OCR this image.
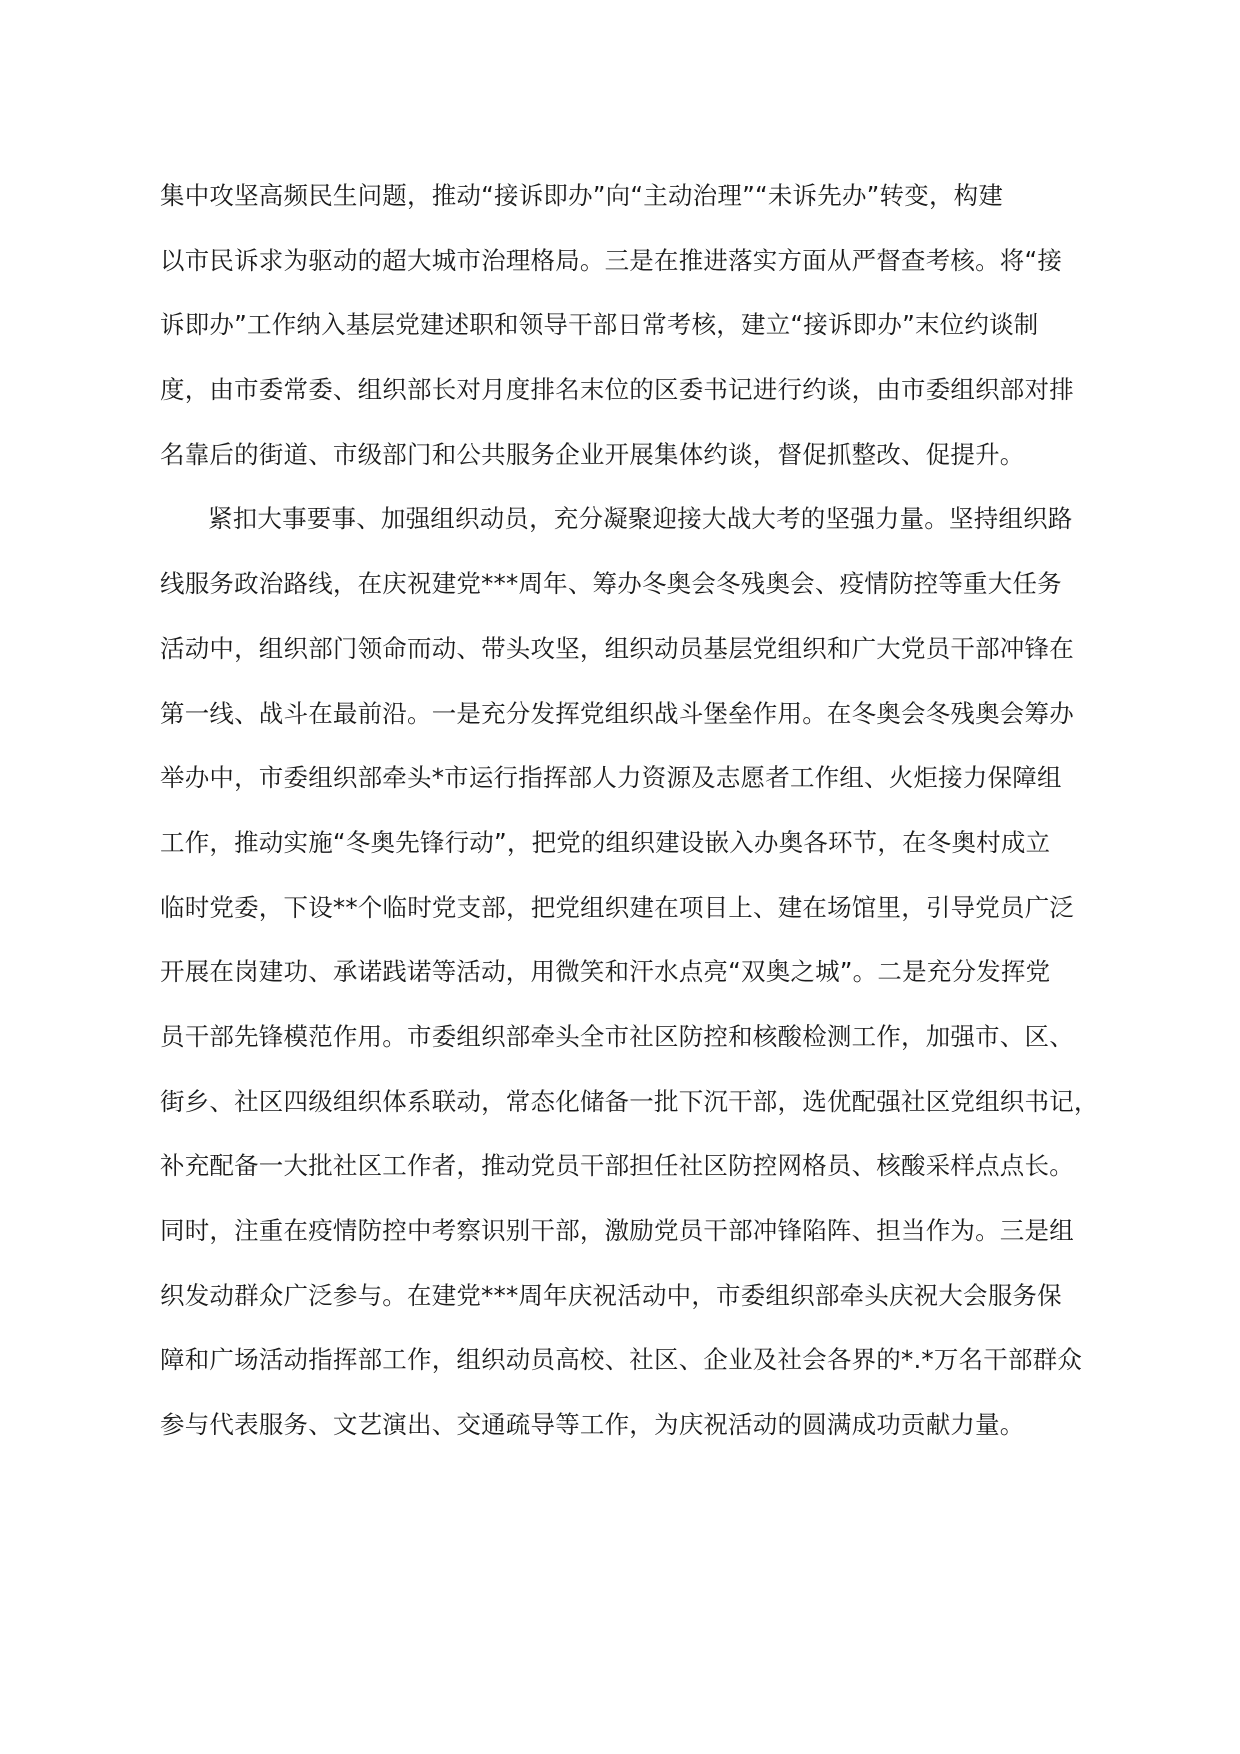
集中攻坚高频民生问题，推动“接诉即办”向“主动治理”“未诉先办”转变，构建
以市民诉求为驱动的超大城市治理格局。三是在推进落实方面从严督查考核。将“接
诉即办”工作纳入基层党建述职和领导干部日常考核，建立“接诉即办”末位约谈制
度，由市委常委、组织部长对月度排名末位的区委书记进行约谈，由市委组织部对排
名靠后的街道、市级部门和公共服务企业开展集体约谈，督促抓整改、促提升。
紧扣大事要事、加强组织动员，充分凝聚迎接大战大考的坚强力量。坚持组织路
线服务政治路线，在庆祝建党***周年、筹办冬奥会冬残奥会、疫情防控等重大任务
活动中，组织部门领命而动、带头攻坚，组织动员基层党组织和广大党员干部冲锋在
第一线、战斗在最前沿。一是充分发挥党组织战斗堡垒作用。在冬奥会冬残奥会筹办
举办中，市委组织部牵头*市运行指挥部人力资源及志愿者工作组、火炬接力保障组
工作，推动实施“冬奥先锋行动”，把党的组织建设嵌入办奥各环节，在冬奥村成立
临时党委，下设**个临时党支部，把党组织建在项目上、建在场馆里，引导党员广泛
开展在岗建功、承诺践诺等活动，用微笑和汗水点亮“双奥之城”。二是充分发挥党
员干部先锋模范作用。市委组织部牵头全市社区防控和核酸检测工作，加强市、区、
街乡、社区四级组织体系联动，常态化储备一批下沉干部，选优配强社区党组织书记，
补充配备一大批社区工作者，推动党员干部担任社区防控网格员、核酸采样点点长。
同时，注重在疫情防控中考察识别干部，激励党员干部冲锋陷阵、担当作为。三是组
织发动群众广泛参与。在建党***周年庆祝活动中，市委组织部牵头庆祝大会服务保
障和广场活动指挥部工作，组织动员高校、社区、企业及社会各界的*.*万名干部群众
参与代表服务、文艺演出、交通疏导等工作，为庆祝活动的圆满成功贡献力量。
